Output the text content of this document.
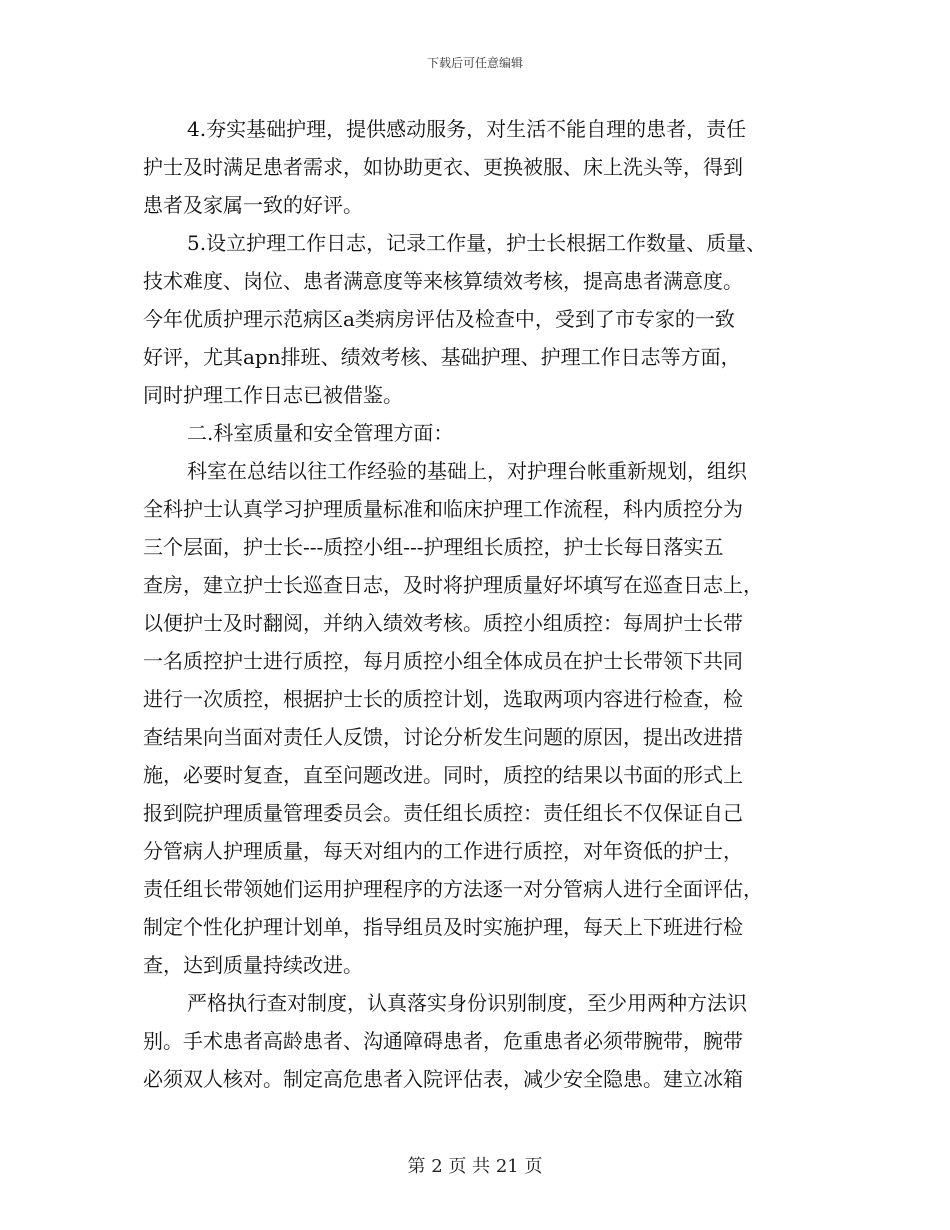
下载后可任意编辑
4.夯实基础护理，提供感动服务，对生活不能自理的患者，责任
护士及时满足患者需求，如协助更衣、更换被服、床上洗头等，得到
患者及家属一致的好评。
5.设立护理工作日志，记录工作量，护士长根据工作数量、质量、
技术难度、岗位、患者满意度等来核算绩效考核，提高患者满意度。
今年优质护理示范病区a类病房评估及检查中，受到了市专家的一致
好评，尤其apn排班、绩效考核、基础护理、护理工作日志等方面，
同时护理工作日志已被借鉴。
二.科室质量和安全管理方面：
科室在总结以往工作经验的基础上，对护理台帐重新规划，组织
全科护士认真学习护理质量标准和临床护理工作流程，科内质控分为
三个层面，护士长---质控小组---护理组长质控，护士长每日落实五
查房，建立护士长巡查日志，及时将护理质量好坏填写在巡查日志上，
以便护士及时翻阅，并纳入绩效考核。质控小组质控：每周护士长带
一名质控护士进行质控，每月质控小组全体成员在护士长带领下共同
进行一次质控，根据护士长的质控计划，选取两项内容进行检查，检
查结果向当面对责任人反馈，讨论分析发生问题的原因，提出改进措
施，必要时复查，直至问题改进。同时，质控的结果以书面的形式上
报到院护理质量管理委员会。责任组长质控：责任组长不仅保证自己
分管病人护理质量，每天对组内的工作进行质控，对年资低的护士，
责任组长带领她们运用护理程序的方法逐一对分管病人进行全面评估，
制定个性化护理计划单，指导组员及时实施护理，每天上下班进行检
查，达到质量持续改进。
严格执行查对制度，认真落实身份识别制度，至少用两种方法识
别。手术患者高龄患者、沟通障碍患者，危重患者必须带腕带，腕带
必须双人核对。制定高危患者入院评估表，减少安全隐患。建立冰箱
第 2 页 共 21 页
